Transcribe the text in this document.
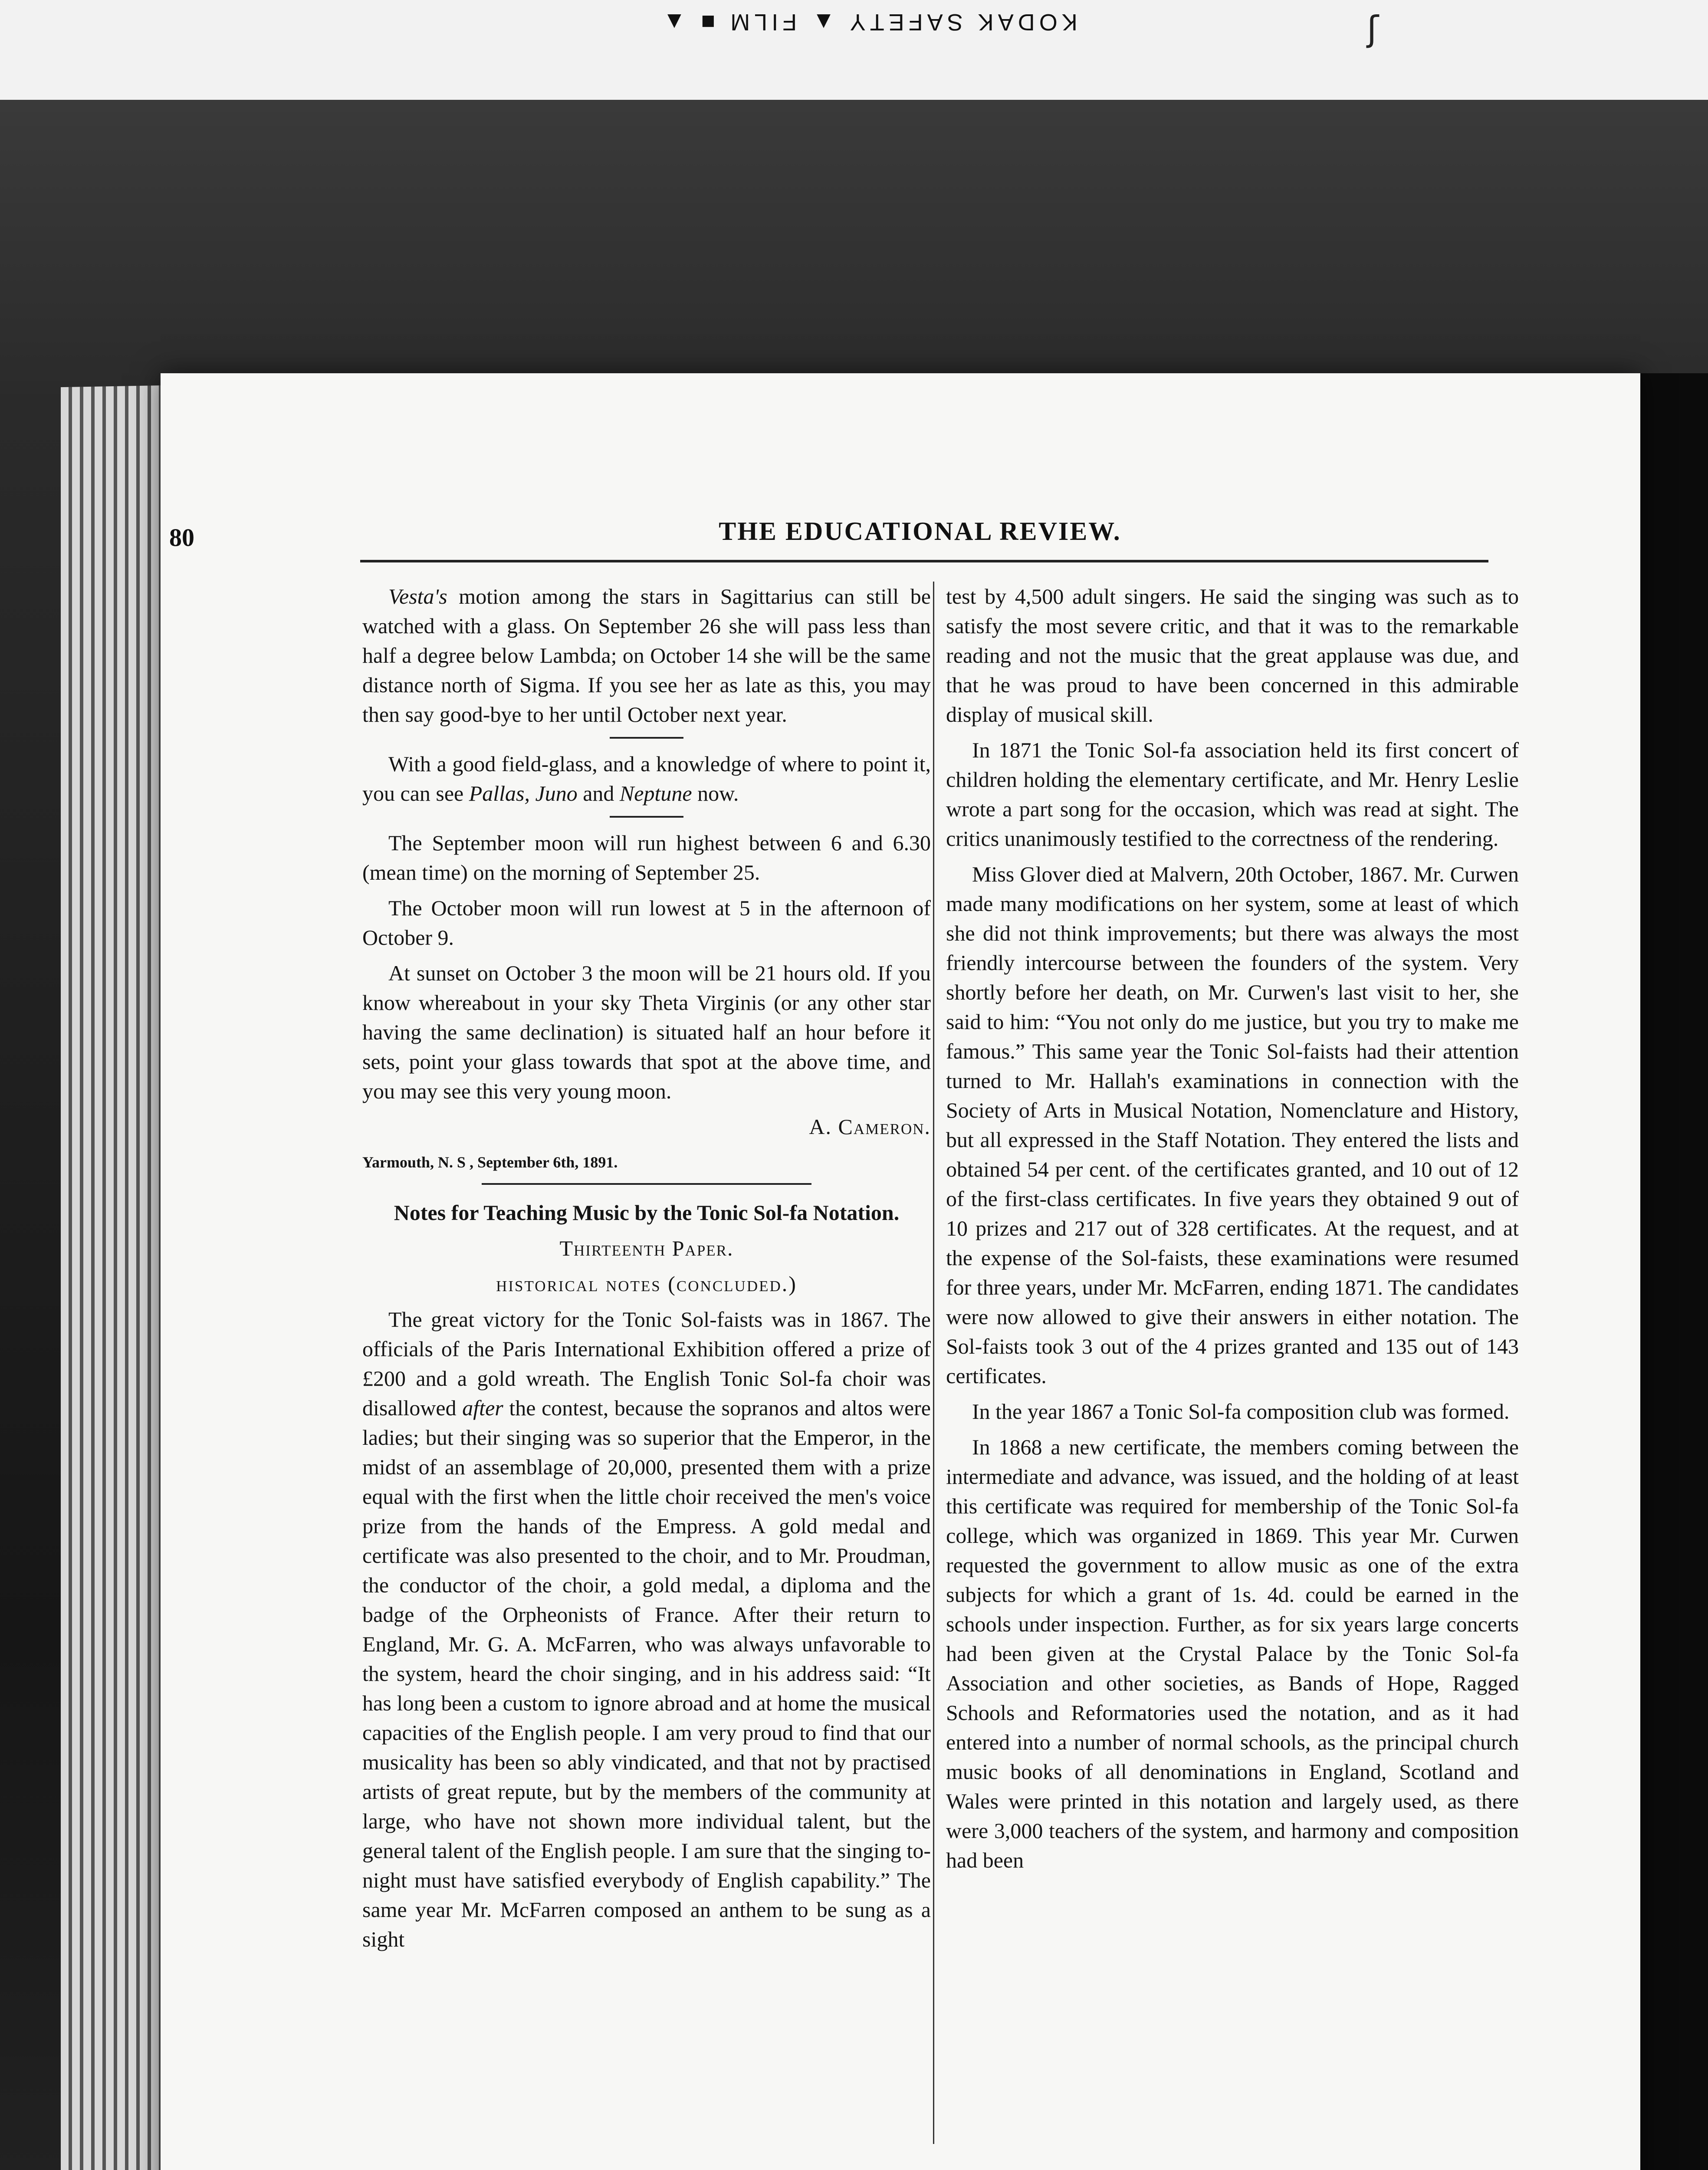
KODAK SAFETY ▲ FILM ■ ▲	ʃ
80	THE EDUCATIONAL REVIEW.

Vesta's motion among the stars in Sagittarius can still be watched with a glass. On September 26 she will pass less than half a degree below Lambda; on October 14 she will be the same distance north of Sigma. If you see her as late as this, you may then say good-bye to her until October next year.

With a good field-glass, and a knowledge of where to point it, you can see Pallas, Juno and Neptune now.

The September moon will run highest between 6 and 6.30 (mean time) on the morning of September 25.

The October moon will run lowest at 5 in the afternoon of October 9.

At sunset on October 3 the moon will be 21 hours old. If you know whereabout in your sky Theta Virginis (or any other star having the same declination) is situated half an hour before it sets, point your glass towards that spot at the above time, and you may see this very young moon.

A. Cameron.

Yarmouth, N. S , September 6th, 1891.

Notes for Teaching Music by the Tonic Sol-fa Notation.

Thirteenth Paper.

historical notes (concluded.)

The great victory for the Tonic Sol-faists was in 1867. The officials of the Paris International Exhibition offered a prize of £200 and a gold wreath. The English Tonic Sol-fa choir was disallowed after the contest, because the sopranos and altos were ladies; but their singing was so superior that the Emperor, in the midst of an assemblage of 20,000, presented them with a prize equal with the first when the little choir received the men's voice prize from the hands of the Empress. A gold medal and certificate was also presented to the choir, and to Mr. Proudman, the conductor of the choir, a gold medal, a diploma and the badge of the Orpheonists of France. After their return to England, Mr. G. A. McFarren, who was always unfavorable to the system, heard the choir singing, and in his address said: “It has long been a custom to ignore abroad and at home the musical capacities of the English people. I am very proud to find that our musicality has been so ably vindicated, and that not by practised artists of great repute, but by the members of the community at large, who have not shown more individual talent, but the general talent of the English people. I am sure that the singing to-night must have satisfied everybody of English capability.” The same year Mr. McFarren composed an anthem to be sung as a sight

test by 4,500 adult singers. He said the singing was such as to satisfy the most severe critic, and that it was to the remarkable reading and not the music that the great applause was due, and that he was proud to have been concerned in this admirable display of musical skill.

In 1871 the Tonic Sol-fa association held its first concert of children holding the elementary certificate, and Mr. Henry Leslie wrote a part song for the occasion, which was read at sight. The critics unanimously testified to the correctness of the rendering.

Miss Glover died at Malvern, 20th October, 1867. Mr. Curwen made many modifications on her system, some at least of which she did not think improvements; but there was always the most friendly intercourse between the founders of the system. Very shortly before her death, on Mr. Curwen's last visit to her, she said to him: “You not only do me justice, but you try to make me famous.” This same year the Tonic Sol-faists had their attention turned to Mr. Hallah's examinations in connection with the Society of Arts in Musical Notation, Nomenclature and History, but all expressed in the Staff Notation. They entered the lists and obtained 54 per cent. of the certificates granted, and 10 out of 12 of the first-class certificates. In five years they obtained 9 out of 10 prizes and 217 out of 328 certificates. At the request, and at the expense of the Sol-faists, these examinations were resumed for three years, under Mr. McFarren, ending 1871. The candidates were now allowed to give their answers in either notation. The Sol-faists took 3 out of the 4 prizes granted and 135 out of 143 certificates.

In the year 1867 a Tonic Sol-fa composition club was formed.

In 1868 a new certificate, the members coming between the intermediate and advance, was issued, and the holding of at least this certificate was required for membership of the Tonic Sol-fa college, which was organized in 1869. This year Mr. Curwen requested the government to allow music as one of the extra subjects for which a grant of 1s. 4d. could be earned in the schools under inspection. Further, as for six years large concerts had been given at the Crystal Palace by the Tonic Sol-fa Association and other societies, as Bands of Hope, Ragged Schools and Reformatories used the notation, and as it had entered into a number of normal schools, as the principal church music books of all denominations in England, Scotland and Wales were printed in this notation and largely used, as there were 3,000 teachers of the system, and harmony and composition had been
